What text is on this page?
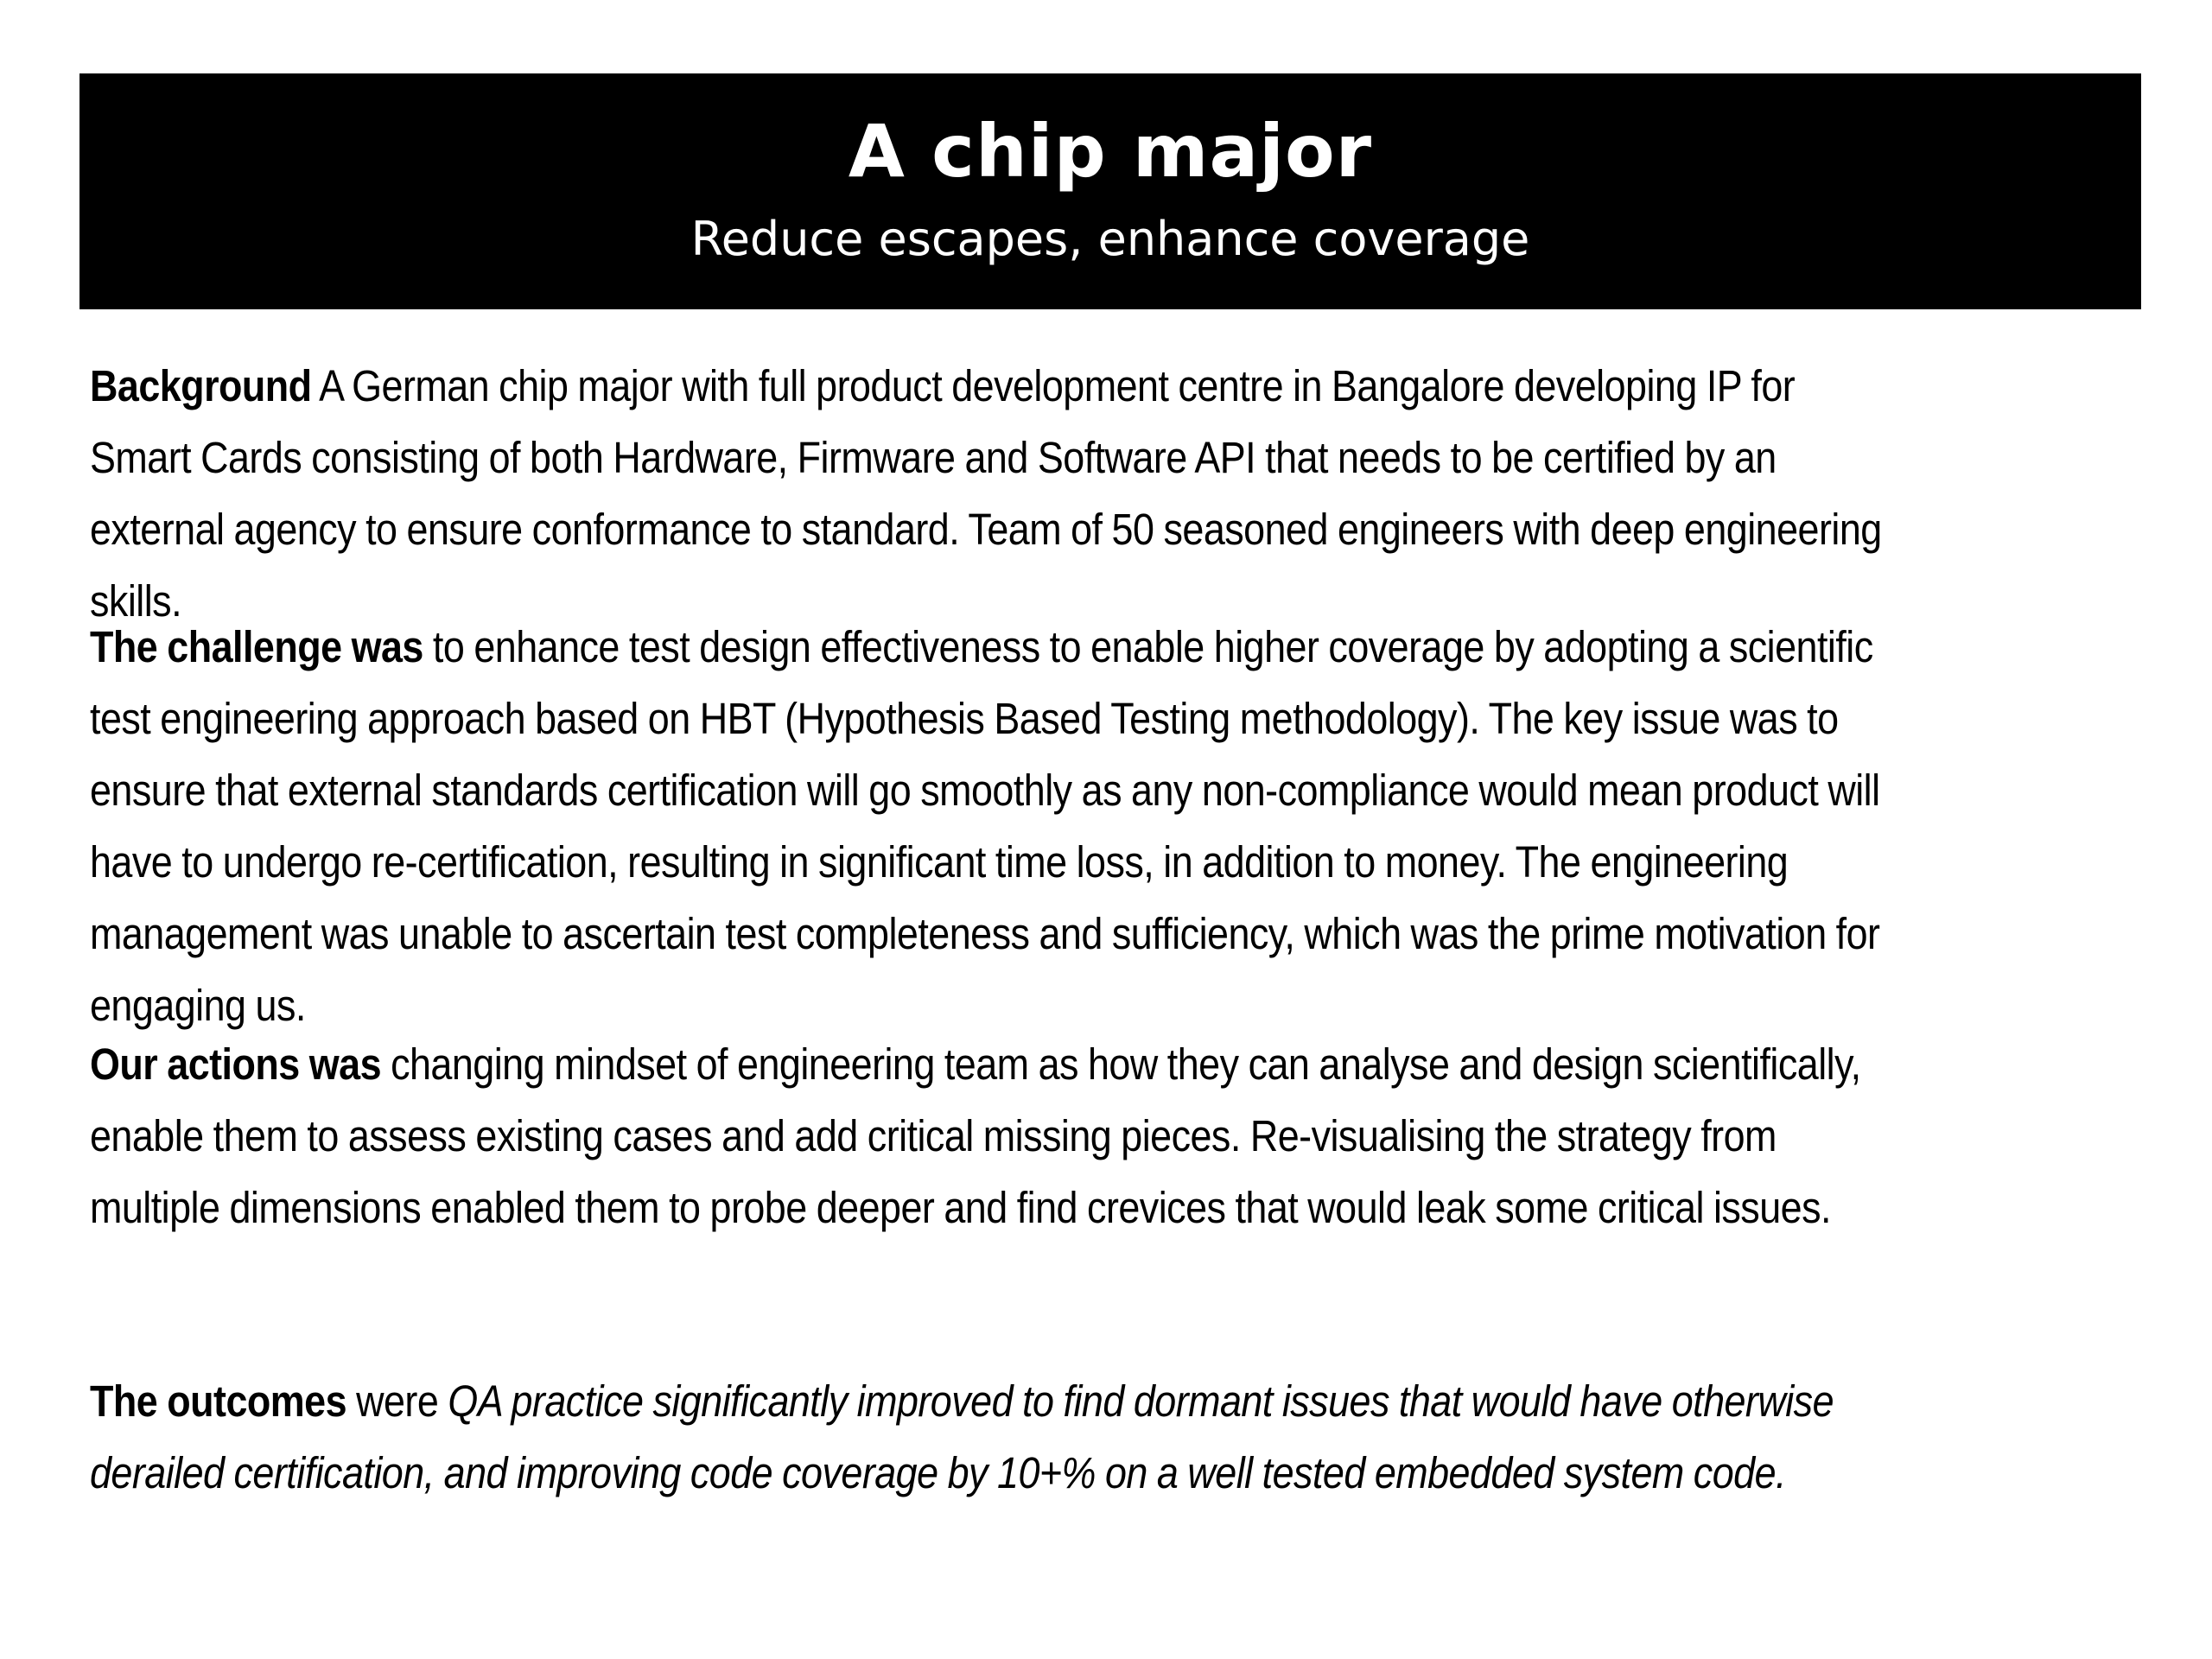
A chip major
Reduce escapes, enhance coverage
Background A German chip major with full product development centre in Bangalore developing IP for Smart Cards consisting of both Hardware, Firmware and Software API that needs to be certified by an external agency to ensure conformance to standard. Team of 50 seasoned engineers with deep engineering skills.
The challenge was to enhance test design effectiveness to enable higher coverage by adopting a scientific test engineering approach based on HBT (Hypothesis Based Testing methodology). The key issue was to ensure that external standards certification will go smoothly as any non-compliance would mean product will have to undergo re-certification, resulting in significant time loss, in addition to money. The engineering management was unable to ascertain test completeness and sufficiency, which was the prime motivation for engaging us.
Our actions was changing mindset of engineering team as how they can analyse and design scientifically, enable them to assess existing cases and add critical missing pieces. Re-visualising the strategy from multiple dimensions enabled them to probe deeper and find crevices that would leak some critical issues.
The outcomes were QA practice significantly improved to find dormant issues that would have otherwise derailed certification, and improving code coverage by 10+% on a well tested embedded system code.
